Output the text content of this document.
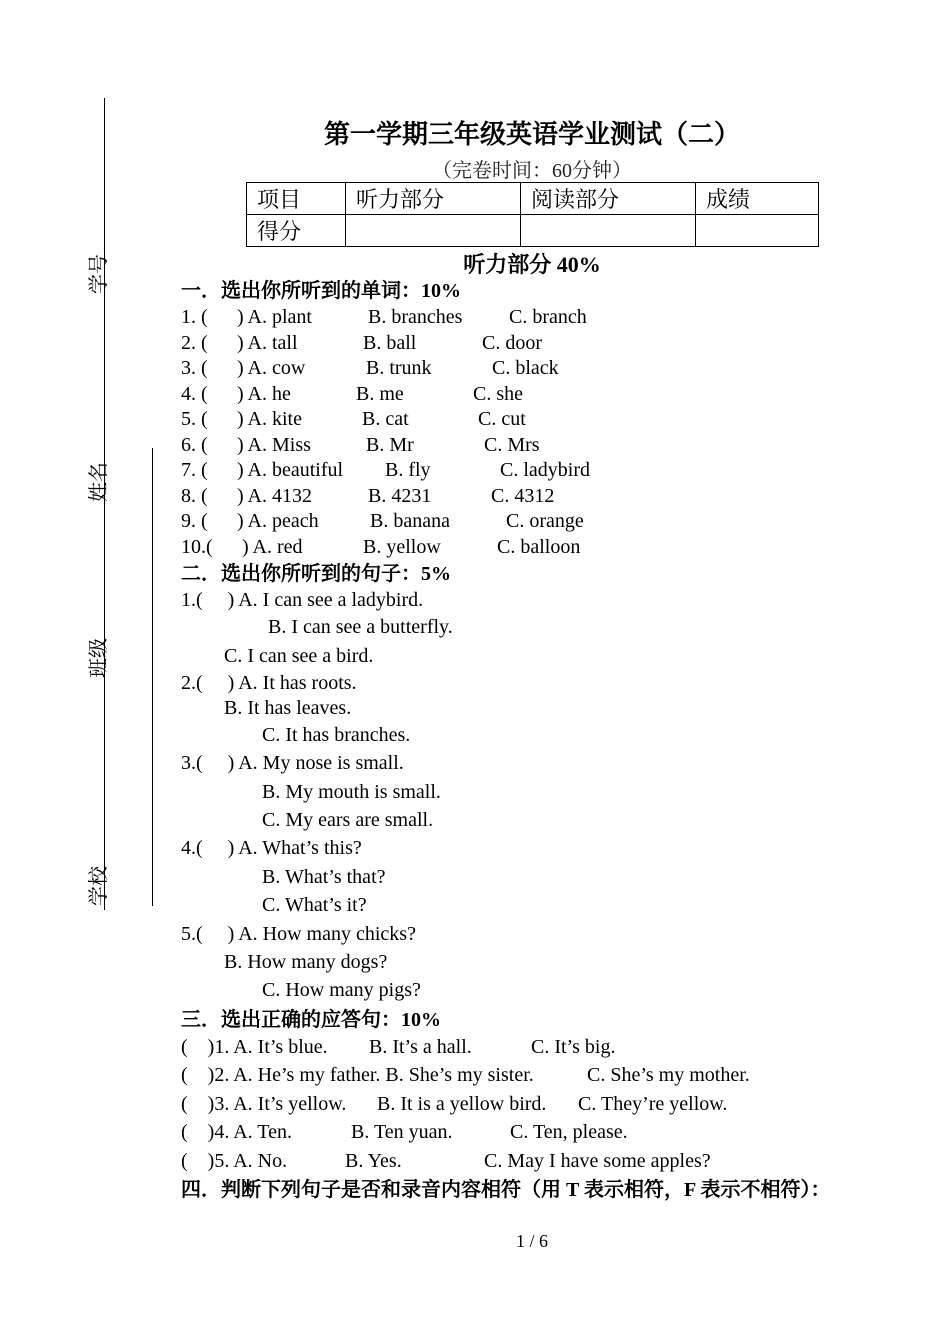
学号
姓名
班级
学校
第一学期三年级英语学业测试（二）
（完卷时间：60分钟）
项目	听力部分	阅读部分	成绩
得分			
听力部分 40%
一．选出你所听到的单词：10%
1. ( ) A. plant	B. branches C. branch
2. ( ) A. tall	B. ball	C. door
3. ( ) A. cow	B. trunk	C. black
4. ( ) A. he	B. me	C. she
5. ( ) A. kite	B. cat	C. cut
6. ( ) A. Miss	B. Mr	C. Mrs
7. ( ) A. beautiful B. fly	C. ladybird
8. ( ) A. 4132	B. 4231	C. 4312
9. ( ) A. peach	B. banana	C. orange
10.( ) A. red	B. yellow	C. balloon
二．选出你所听到的句子：5%
1.(     ) A. I can see a ladybird.
B. I can see a butterfly.
C. I can see a bird.
2.(     ) A. It has roots.
B. It has leaves.
C. It has branches.
3.(     ) A. My nose is small.
B. My mouth is small.
C. My ears are small.
4.(     ) A. What’s this?
B. What’s that?
C. What’s it?
5.(     ) A. How many chicks?
B. How many dogs?
C. How many pigs?
三．选出正确的应答句：10%
(    )1. A. It’s blue. B. It’s a hall.	C. It’s big.
(    )2. A. He’s my father. B. She’s my sister.	C. She’s my mother.
(    )3. A. It’s yellow. B. It is a yellow bird. C. They’re yellow.
(    )4. A. Ten.	B. Ten yuan.	C. Ten, please.
(    )5. A. No.	B. Yes.	C. May I have some apples?
四．判断下列句子是否和录音内容相符（用 T 表示相符，F 表示不相符）：
1 / 6
